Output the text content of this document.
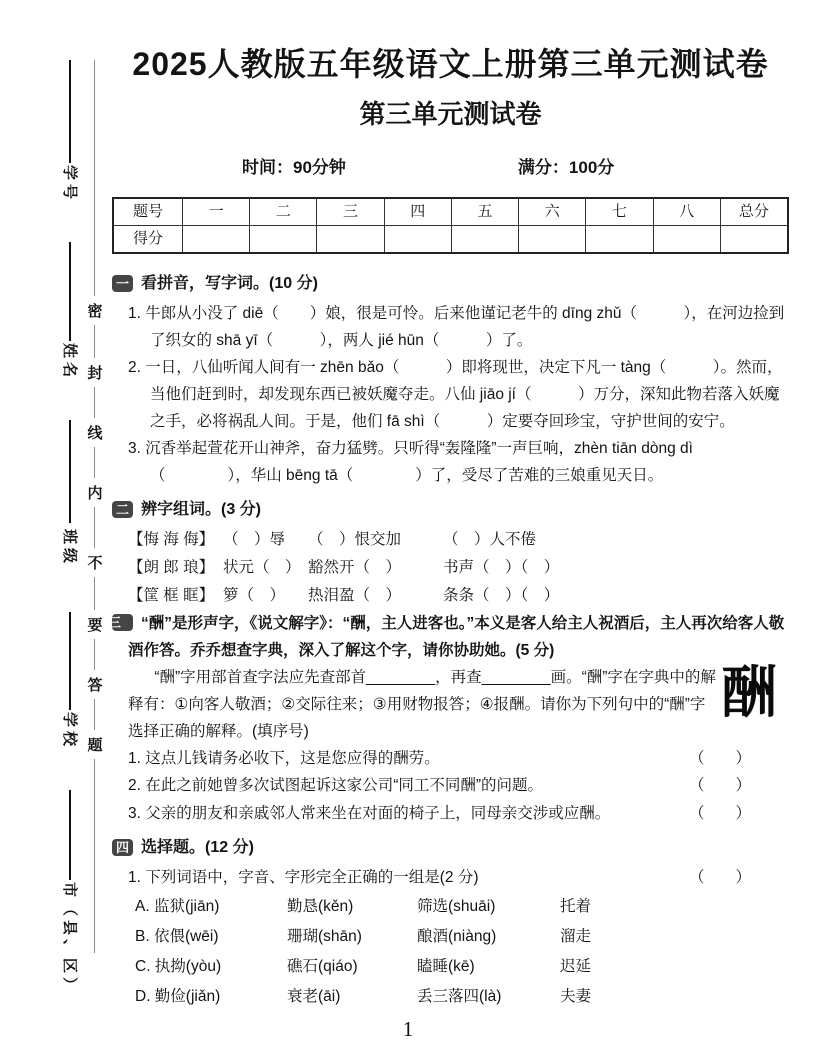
学号
姓名
班级
学校
市（县、区）
密
封
线
内
不
要
答
题
2025人教版五年级语文上册第三单元测试卷
第三单元测试卷
时间：90分钟	满分：100分
题号	一	二	三	四	五	六	七	八	总分
得分
一 看拼音，写字词。(10 分)

1. 牛郎从小没了 diē（　　）娘，很是可怜。后来他谨记老牛的 dīng zhǔ（　　　），在河边捡到了织女的 shā yī（　　　），两人 jié hūn（　　　）了。

2. 一日，八仙听闻人间有一 zhēn bǎo（　　　）即将现世，决定下凡一 tàng（　　　）。然而，当他们赶到时，却发现东西已被妖魔夺走。八仙 jiāo jí（　　　）万分，深知此物若落入妖魔之手，必将祸乱人间。于是，他们 fā shì（　　　）定要夺回珍宝，守护世间的安宁。

3. 沉香举起萱花开山神斧，奋力猛劈。只听得“轰隆隆”一声巨响，zhèn tiān dòng dì（　　　　），华山 bēng tā（　　　　）了，受尽了苦难的三娘重见天日。

二 辨字组词。(3 分)
【悔 海 侮】 （　）辱	（　）恨交加	（　）人不倦
【朗 郎 琅】 状元（　） 豁然开（　）	书声（　）（　）
【筐 框 眶】 箩（　）	热泪盈（　）	条条（　）（　）

三 “酬”是形声字，《说文解字》：“酬，主人进客也。”本义是客人给主人祝酒后，主人再次给客人敬酒作答。乔乔想查字典，深入了解这个字，请你协助她。(5 分)

“酬”字用部首查字法应先查部首________，再查________画。“酬”字在字典中的解释有：①向客人敬酒；②交际往来；③用财物报答；④报酬。请你为下列句中的“酬”字选择正确的解释。(填序号)

酬
1. 这点儿钱请务必收下，这是您应得的酬劳。	（　　）
2. 在此之前她曾多次试图起诉这家公司“同工不同酬”的问题。	（　　）
3. 父亲的朋友和亲戚邻人常来坐在对面的椅子上，同母亲交涉或应酬。	（　　）
四 选择题。(12 分)
1. 下列词语中，字音、字形完全正确的一组是(2 分)	（　　）
A. 监狱(jiān)	勤恳(kěn)	筛选(shuāi)	托着
B. 依偎(wēi)	珊瑚(shān)	酿酒(niàng)	溜走
C. 执拗(yòu)	礁石(qiáo)	瞌睡(kē)	迟延
D. 勤俭(jiǎn)	衰老(āi)	丢三落四(là)	夫妻
1
